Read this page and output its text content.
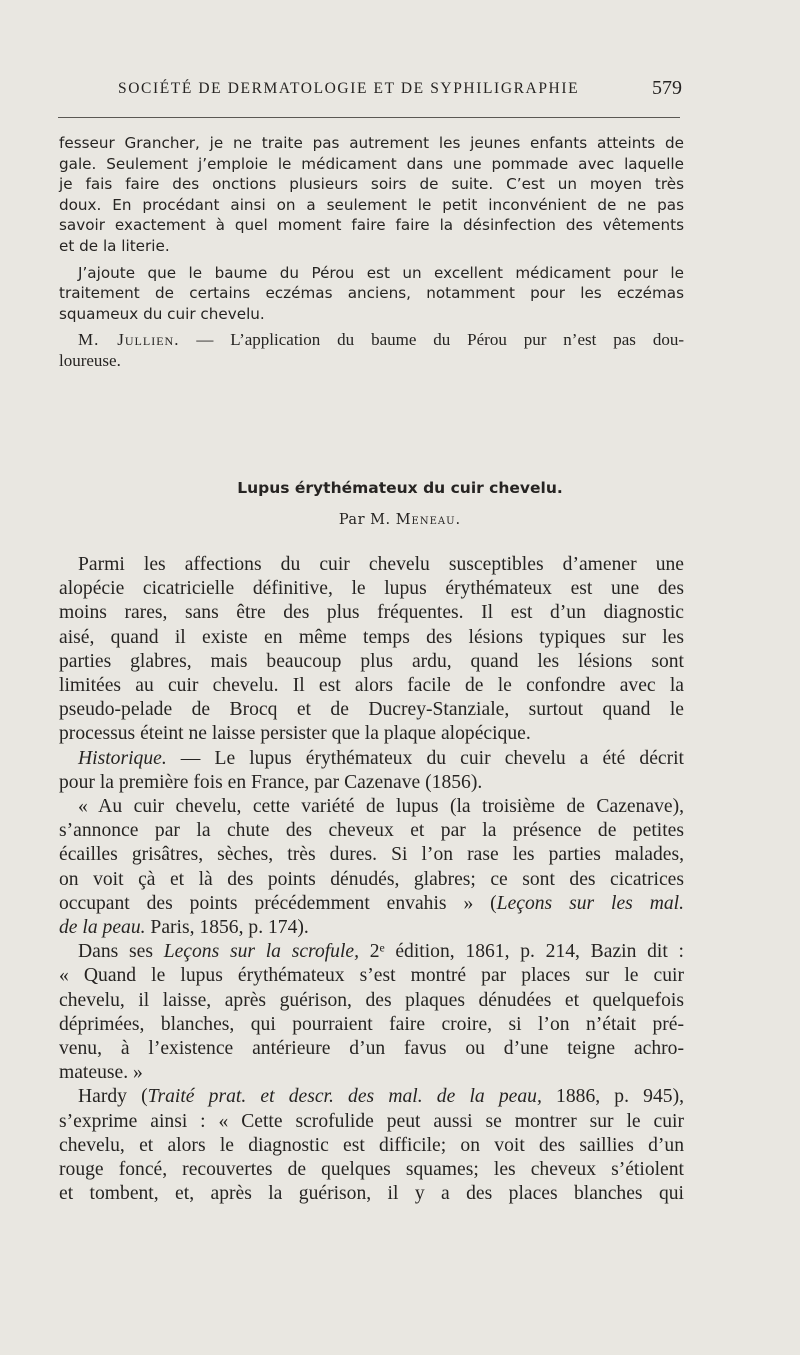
SOCIÉTÉ DE DERMATOLOGIE ET DE SYPHILIGRAPHIE	579

fesseur Grancher, je ne traite pas autrement les jeunes enfants atteints de

gale. Seulement j’emploie le médicament dans une pommade avec laquelle

je fais faire des onctions plusieurs soirs de suite. C’est un moyen très

doux. En procédant ainsi on a seulement le petit inconvénient de ne pas

savoir exactement à quel moment faire faire la désinfection des vêtements

et de la literie.

J’ajoute que le baume du Pérou est un excellent médicament pour le

traitement de certains eczémas anciens, notamment pour les eczémas

squameux du cuir chevelu.

M. Jullien. — L’application du baume du Pérou pur n’est pas dou-

loureuse.

Lupus érythémateux du cuir chevelu.
Par M. Meneau.

Parmi les affections du cuir chevelu susceptibles d’amener une

alopécie cicatricielle définitive, le lupus érythémateux est une des

moins rares, sans être des plus fréquentes. Il est d’un diagnostic

aisé, quand il existe en même temps des lésions typiques sur les

parties glabres, mais beaucoup plus ardu, quand les lésions sont

limitées au cuir chevelu. Il est alors facile de le confondre avec la

pseudo-pelade de Brocq et de Ducrey-Stanziale, surtout quand le

processus éteint ne laisse persister que la plaque alopécique.

Historique. — Le lupus érythémateux du cuir chevelu a été décrit

pour la première fois en France, par Cazenave (1856).

« Au cuir chevelu, cette variété de lupus (la troisième de Cazenave),

s’annonce par la chute des cheveux et par la présence de petites

écailles grisâtres, sèches, très dures. Si l’on rase les parties malades,

on voit çà et là des points dénudés, glabres; ce sont des cicatrices

occupant des points précédemment envahis » (Leçons sur les mal.

de la peau. Paris, 1856, p. 174).

Dans ses Leçons sur la scrofule, 2ᵉ édition, 1861, p. 214, Bazin dit :

« Quand le lupus érythémateux s’est montré par places sur le cuir

chevelu, il laisse, après guérison, des plaques dénudées et quelquefois

déprimées, blanches, qui pourraient faire croire, si l’on n’était pré-

venu, à l’existence antérieure d’un favus ou d’une teigne achro-

mateuse. »

Hardy (Traité prat. et descr. des mal. de la peau, 1886, p. 945),

s’exprime ainsi : « Cette scrofulide peut aussi se montrer sur le cuir

chevelu, et alors le diagnostic est difficile; on voit des saillies d’un

rouge foncé, recouvertes de quelques squames; les cheveux s’étiolent

et tombent, et, après la guérison, il y a des places blanches qui
